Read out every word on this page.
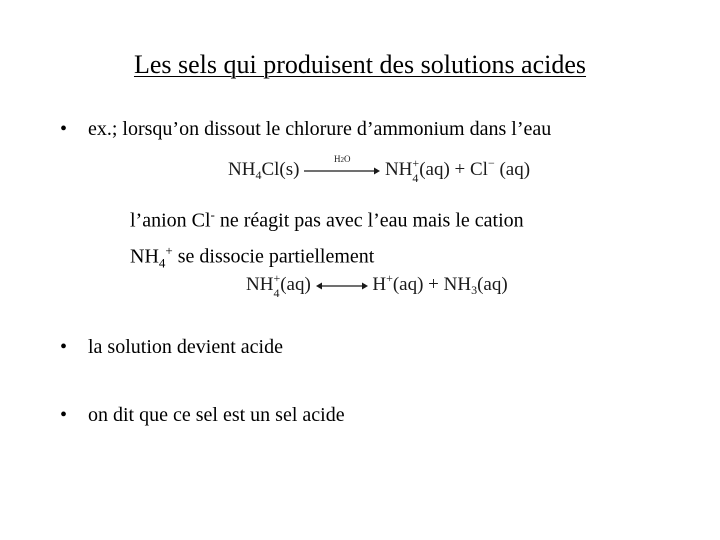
Les sels qui produisent des solutions acides
• ex.; lorsqu’on dissout le chlorure d’ammonium dans l’eau
$NH_4Cl(s)$
H2O
NH+
4 (aq) + Cl− (aq)
l’anion Cl- ne réagit pas avec l’eau mais le cation
$NH_4^+$ se dissocie partiellement
NH+
4 (aq)	$H^+(aq) + NH_3(aq)$
• la solution devient acide
• on dit que ce sel est un sel acide
